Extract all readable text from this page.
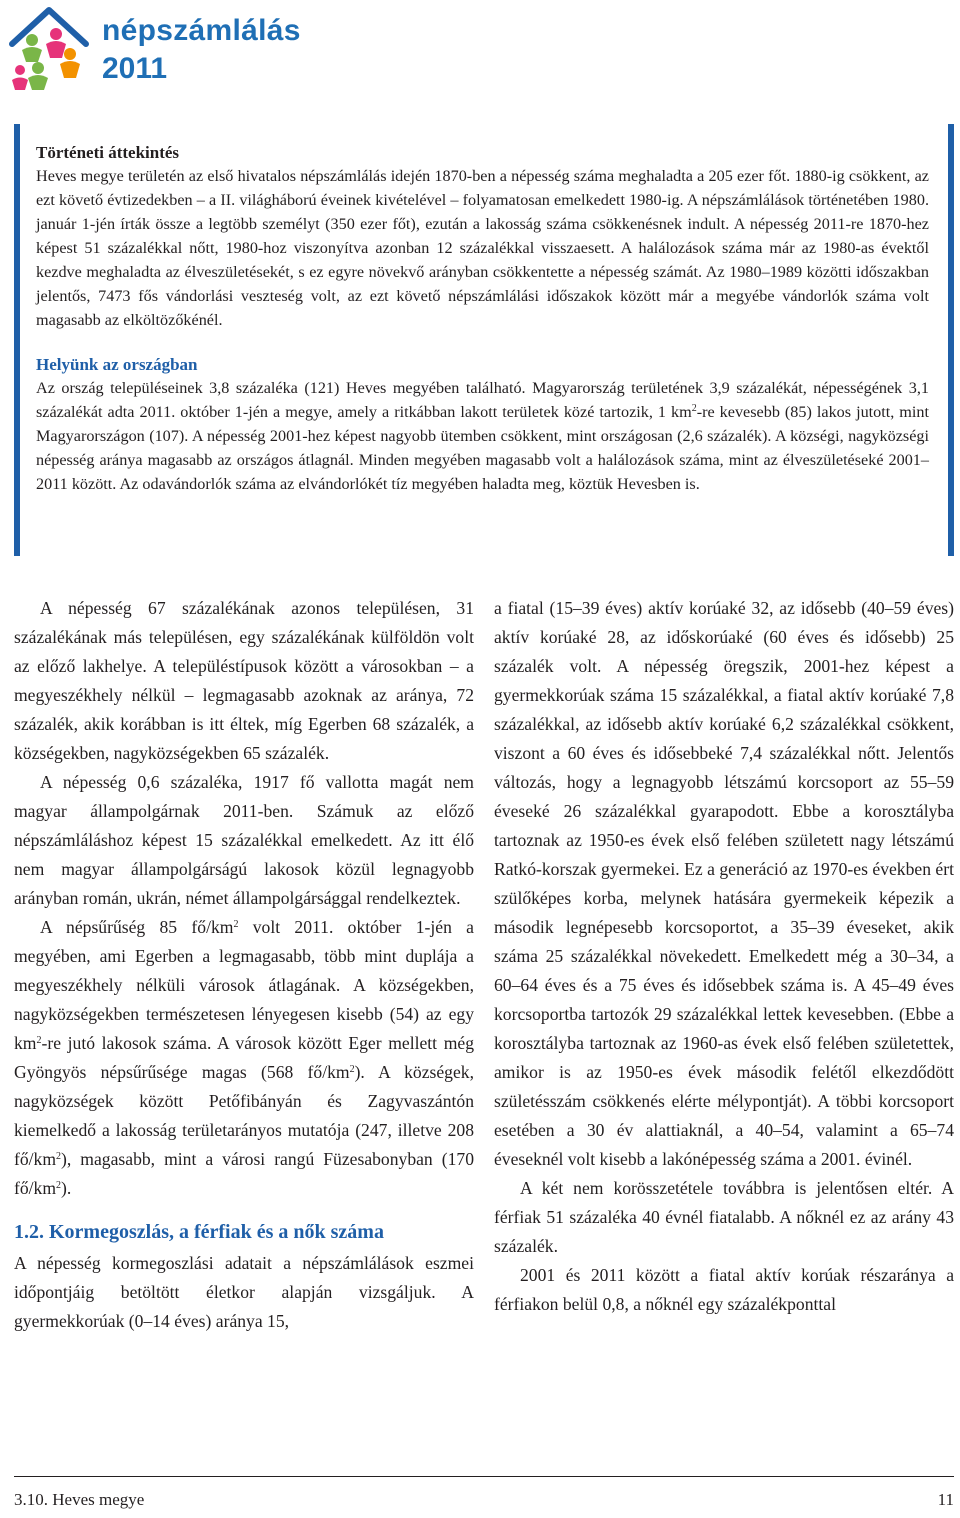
népszámlálás
2011
Történeti áttekintés

Heves megye területén az első hivatalos népszámlálás idején 1870-ben a népesség száma meghaladta a 205 ezer főt. 1880-ig csökkent, az ezt követő évtizedekben – a II. világháború éveinek kivételével – folyamatosan emelkedett 1980-ig. A népszámlálások történetében 1980. január 1-jén írták össze a legtöbb személyt (350 ezer főt), ezután a lakosság száma csökkenésnek indult. A népesség 2011-re 1870-hez képest 51 százalékkal nőtt, 1980-hoz viszonyítva azonban 12 százalékkal visszaesett. A halálozások száma már az 1980-as évektől kezdve meghaladta az élveszületésekét, s ez egyre növekvő arányban csökkentette a népesség számát. Az 1980–1989 közötti időszakban jelentős, 7473 fős vándorlási veszteség volt, az ezt követő népszámlálási időszakok között már a megyébe vándorlók száma volt magasabb az elköltözőkénél.

Helyünk az országban

Az ország településeinek 3,8 százaléka (121) Heves megyében található. Magyarország területének 3,9 százalékát, népességének 3,1 százalékát adta 2011. október 1-jén a megye, amely a ritkábban lakott területek közé tartozik, 1 $km^2-re$ kevesebb (85) lakos jutott, mint Magyarországon (107). A népesség 2001-hez képest nagyobb ütemben csökkent, mint országosan (2,6 százalék). A községi, nagyközségi népesség aránya magasabb az országos átlagnál. Minden megyében magasabb volt a halálozások száma, mint az élveszületéseké 2001–2011 között. Az odavándorlók száma az elvándorlókét tíz megyében haladta meg, köztük Hevesben is.

A népesség 67 százalékának azonos településen, 31 százalékának más településen, egy százalékának külföldön volt az előző lakhelye. A településtípusok között a városokban – a megyeszékhely nélkül – legmagasabb azoknak az aránya, 72 százalék, akik korábban is itt éltek, míg Egerben 68 százalék, a községekben, nagyközségekben 65 százalék.

A népesség 0,6 százaléka, 1917 fő vallotta magát nem magyar állampolgárnak 2011-ben. Számuk az előző népszámláláshoz képest 15 százalékkal emelkedett. Az itt élő nem magyar állampolgárságú lakosok közül legnagyobb arányban román, ukrán, német állampolgársággal rendelkeztek.

A népsűrűség 85 $fő/km^2$ volt 2011. október 1-jén a megyében, ami Egerben a legmagasabb, több mint duplája a megyeszékhely nélküli városok átlagának. A községekben, nagyközségekben természetesen lényegesen kisebb (54) az egy $km^2-re$ jutó lakosok száma. A városok között Eger mellett még Gyöngyös népsűrűsége magas (568 $fő/km^2$). A községek, nagyközségek között Petőfibányán és Zagyvaszántón kiemelkedő a lakosság területarányos mutatója (247, illetve 208 $fő/km^2$), magasabb, mint a városi rangú Füzesabonyban (170 $fő/km^2$).

1.2. Kormegoszlás, a férfiak és a nők száma

A népesség kormegoszlási adatait a népszámlálások eszmei időpontjáig betöltött életkor alapján vizsgáljuk. A gyermekkorúak (0–14 éves) aránya 15,

a fiatal (15–39 éves) aktív korúaké 32, az idősebb (40–59 éves) aktív korúaké 28, az időskorúaké (60 éves és idősebb) 25 százalék volt. A népesség öregszik, 2001-hez képest a gyermekkorúak száma 15 százalékkal, a fiatal aktív korúaké 7,8 százalékkal, az idősebb aktív korúaké 6,2 százalékkal csökkent, viszont a 60 éves és idősebbeké 7,4 százalékkal nőtt. Jelentős változás, hogy a legnagyobb létszámú korcsoport az 55–59 éveseké 26 százalékkal gyarapodott. Ebbe a korosztályba tartoznak az 1950-es évek első felében született nagy létszámú Ratkó-korszak gyermekei. Ez a generáció az 1970-es években ért szülőképes korba, melynek hatására gyermekeik képezik a második legnépesebb korcsoportot, a 35–39 éveseket, akik száma 25 százalékkal növekedett. Emelkedett még a 30–34, a 60–64 éves és a 75 éves és idősebbek száma is. A 45–49 éves korcsoportba tartozók 29 százalékkal lettek kevesebben. (Ebbe a korosztályba tartoznak az 1960-as évek első felében születettek, amikor is az 1950-es évek második felétől elkezdődött születésszám csökkenés elérte mélypontját). A többi korcsoport esetében a 30 év alattiaknál, a 40–54, valamint a 65–74 éveseknél volt kisebb a lakónépesség száma a 2001. évinél.

A két nem korösszetétele továbbra is jelentősen eltér. A férfiak 51 százaléka 40 évnél fiatalabb. A nőknél ez az arány 43 százalék.

2001 és 2011 között a fiatal aktív korúak részaránya a férfiakon belül 0,8, a nőknél egy százalékponttal

3.10. Heves megye	11
